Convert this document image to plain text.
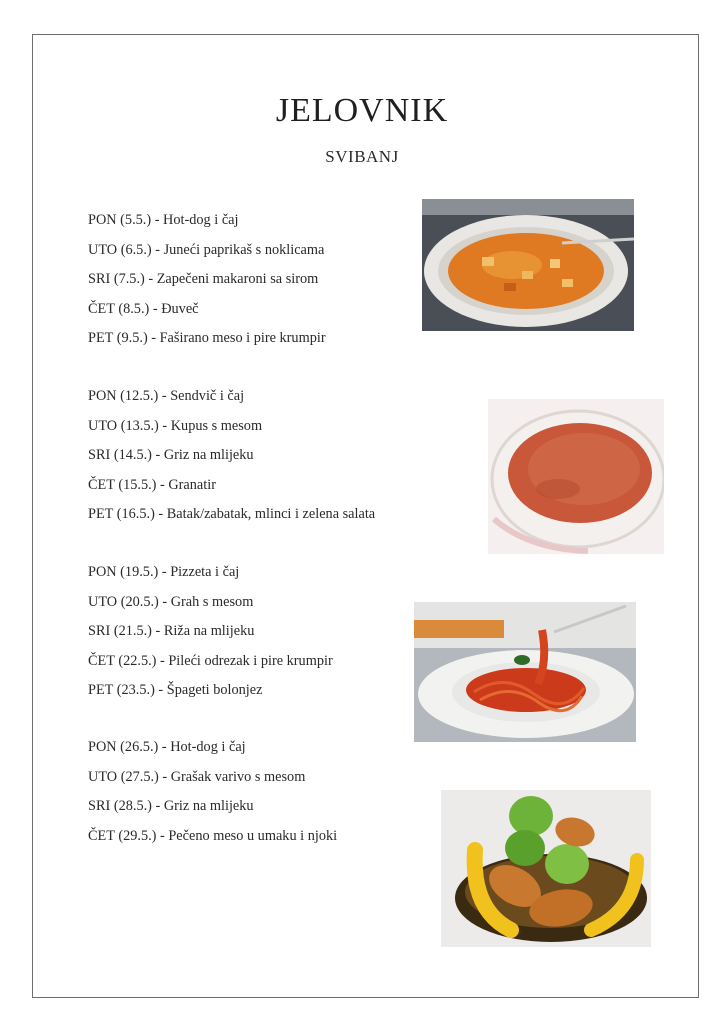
JELOVNIK
SVIBANJ
PON (5.5.) - Hot-dog i čaj
UTO (6.5.) - Juneći paprikaš s noklicama
SRI (7.5.) - Zapečeni makaroni sa sirom
ČET (8.5.) - Đuveč
PET (9.5.) - Faširano meso i pire krumpir
PON (12.5.) - Sendvič i čaj
UTO (13.5.) - Kupus s mesom
SRI (14.5.) - Griz na mlijeku
ČET (15.5.) - Granatir
PET (16.5.) - Batak/zabatak, mlinci i zelena salata
PON (19.5.) - Pizzeta i čaj
UTO (20.5.) - Grah s mesom
SRI (21.5.) - Riža na mlijeku
ČET (22.5.) - Pileći odrezak i pire krumpir
PET (23.5.) - Špageti bolonjez
PON (26.5.) - Hot-dog i čaj
UTO (27.5.) - Grašak varivo s mesom
SRI (28.5.) - Griz na mlijeku
ČET (29.5.) - Pečeno meso u umaku i njoki
